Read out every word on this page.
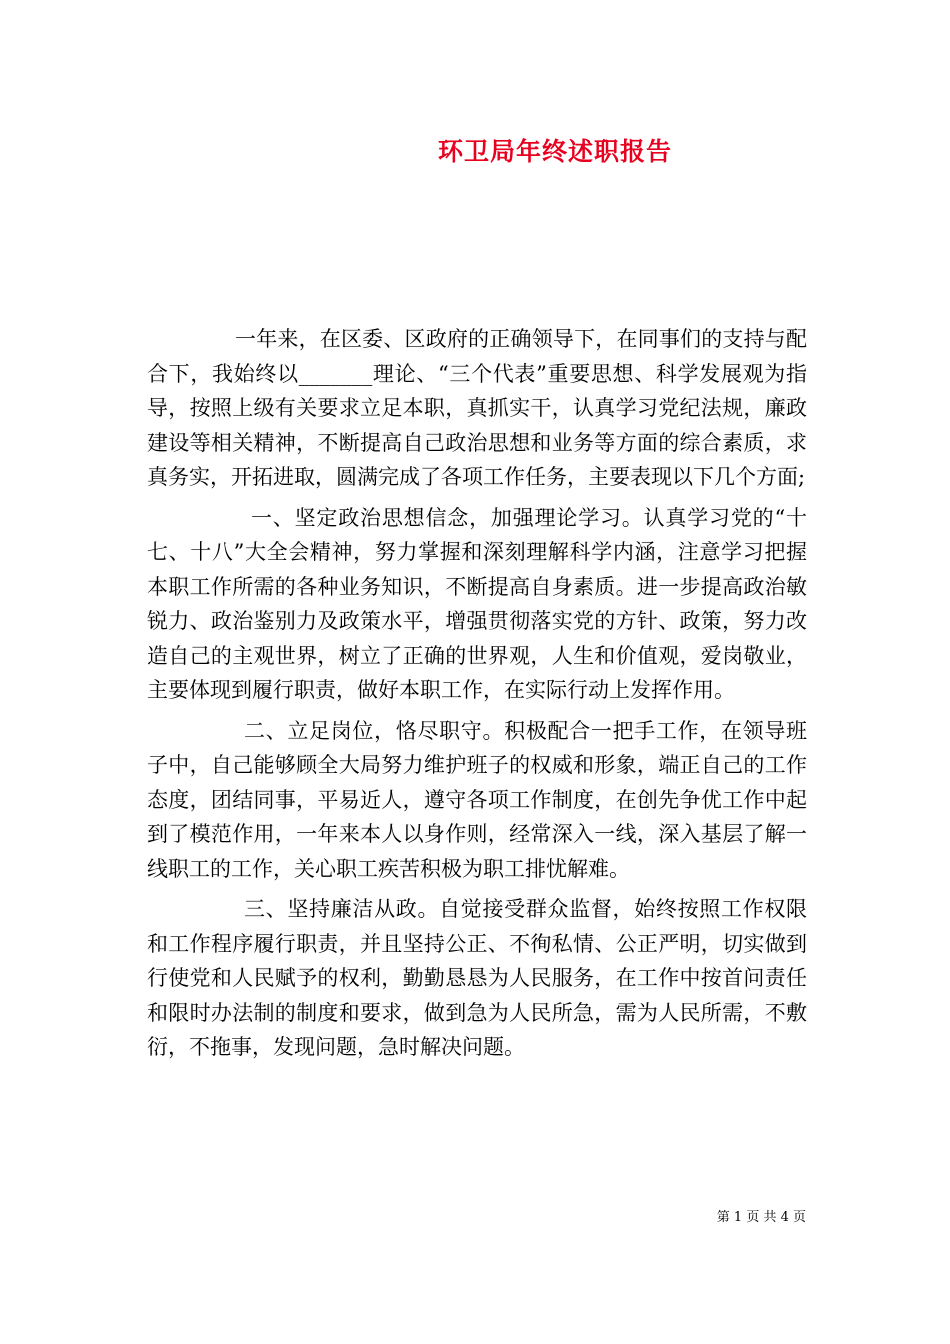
环卫局年终述职报告

一年来，在区委、区政府的正确领导下，在同事们的支持与配合下，我始终以_______理论、“三个代表”重要思想、科学发展观为指导，按照上级有关要求立足本职，真抓实干，认真学习党纪法规，廉政建设等相关精神，不断提高自己政治思想和业务等方面的综合素质，求真务实，开拓进取，圆满完成了各项工作任务，主要表现以下几个方面;

一、坚定政治思想信念，加强理论学习。认真学习党的“十七、十八”大全会精神，努力掌握和深刻理解科学内涵，注意学习把握本职工作所需的各种业务知识，不断提高自身素质。进一步提高政治敏锐力、政治鉴别力及政策水平，增强贯彻落实党的方针、政策，努力改造自己的主观世界，树立了正确的世界观，人生和价值观，爱岗敬业，主要体现到履行职责，做好本职工作，在实际行动上发挥作用。

二、立足岗位，恪尽职守。积极配合一把手工作，在领导班子中，自己能够顾全大局努力维护班子的权威和形象，端正自己的工作态度，团结同事，平易近人，遵守各项工作制度，在创先争优工作中起到了模范作用，一年来本人以身作则，经常深入一线，深入基层了解一线职工的工作，关心职工疾苦积极为职工排忧解难。

三、坚持廉洁从政。自觉接受群众监督，始终按照工作权限和工作程序履行职责，并且坚持公正、不徇私情、公正严明，切实做到行使党和人民赋予的权利，勤勤恳恳为人民服务，在工作中按首问责任和限时办法制的制度和要求，做到急为人民所急，需为人民所需，不敷衍，不拖事，发现问题，急时解决问题。

第 1 页 共 4 页
